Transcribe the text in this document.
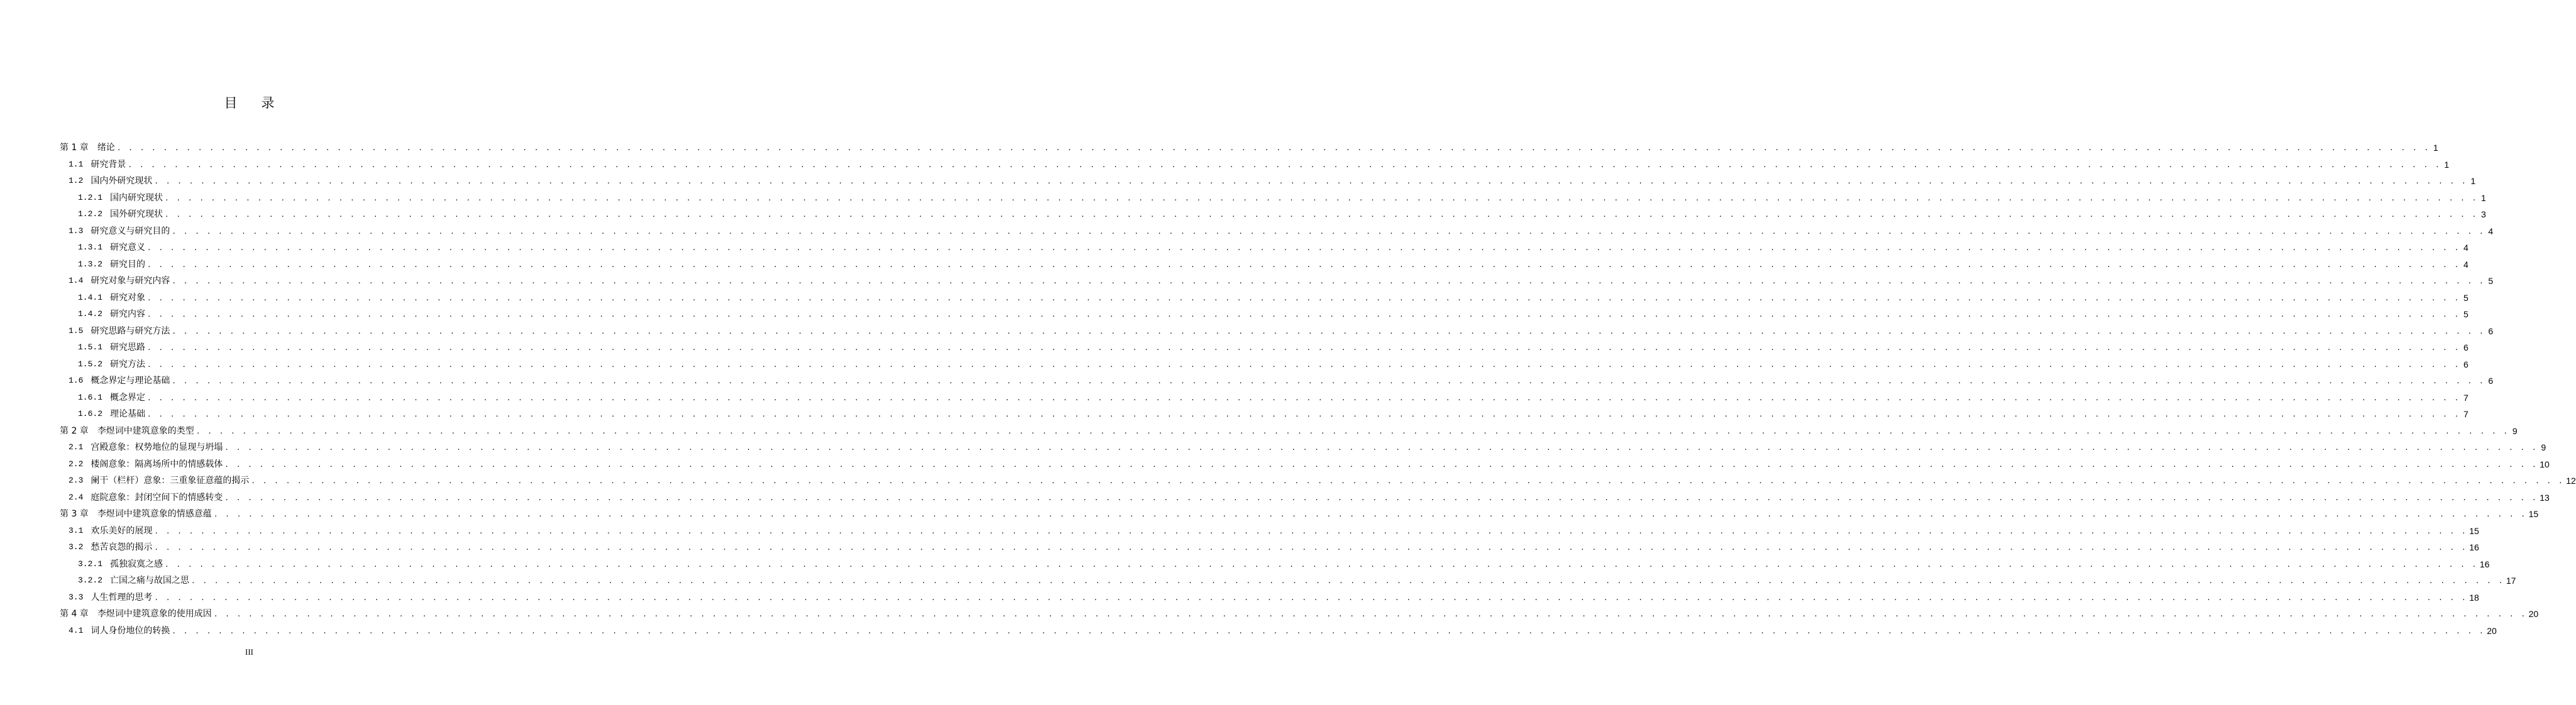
目 录
第 1 章 绪论 . . . . . . . . . . . . . . . . . . . . . . . . . . . . . . . . . . . . . . . . . . . . . . . . . . . . . . . . . . . . . . . . . . . . . . . . . . . . . . . . . . . . . . . . . . . . . . . . . . . . . . . . . . . . . . . . . . . . . . . . . . . . . . . . . . . . . . . . . . . . . . . . . . . . . . . . . . . . . . . . . . . . . . . . . . . . . . . . . . . . . . . . . . . . . . . . . . . . . . . . 1
1.1 研究背景 . . . . . . . . . . . . . . . . . . . . . . . . . . . . . . . . . . . . . . . . . . . . . . . . . . . . . . . . . . . . . . . . . . . . . . . . . . . . . . . . . . . . . . . . . . . . . . . . . . . . . . . . . . . . . . . . . . . . . . . . . . . . . . . . . . . . . . . . . . . . . . . . . . . . . . . . . . . . . . . . . . . . . . . . . . . . . . . . . . . . . . . . . . . . . . . . . . . . . . . . 1
1.2 国内外研究现状 . . . . . . . . . . . . . . . . . . . . . . . . . . . . . . . . . . . . . . . . . . . . . . . . . . . . . . . . . . . . . . . . . . . . . . . . . . . . . . . . . . . . . . . . . . . . . . . . . . . . . . . . . . . . . . . . . . . . . . . . . . . . . . . . . . . . . . . . . . . . . . . . . . . . . . . . . . . . . . . . . . . . . . . . . . . . . . . . . . . . . . . . . . . . . . . . . . . . . . . . 1
1.2.1 国内研究现状 . . . . . . . . . . . . . . . . . . . . . . . . . . . . . . . . . . . . . . . . . . . . . . . . . . . . . . . . . . . . . . . . . . . . . . . . . . . . . . . . . . . . . . . . . . . . . . . . . . . . . . . . . . . . . . . . . . . . . . . . . . . . . . . . . . . . . . . . . . . . . . . . . . . . . . . . . . . . . . . . . . . . . . . . . . . . . . . . . . . . . . . . . . . . . . . . . . . . . . . . 1
1.2.2 国外研究现状 . . . . . . . . . . . . . . . . . . . . . . . . . . . . . . . . . . . . . . . . . . . . . . . . . . . . . . . . . . . . . . . . . . . . . . . . . . . . . . . . . . . . . . . . . . . . . . . . . . . . . . . . . . . . . . . . . . . . . . . . . . . . . . . . . . . . . . . . . . . . . . . . . . . . . . . . . . . . . . . . . . . . . . . . . . . . . . . . . . . . . . . . . . . . . . . . . . . . . . . . 3
1.3 研究意义与研究目的 . . . . . . . . . . . . . . . . . . . . . . . . . . . . . . . . . . . . . . . . . . . . . . . . . . . . . . . . . . . . . . . . . . . . . . . . . . . . . . . . . . . . . . . . . . . . . . . . . . . . . . . . . . . . . . . . . . . . . . . . . . . . . . . . . . . . . . . . . . . . . . . . . . . . . . . . . . . . . . . . . . . . . . . . . . . . . . . . . . . . . . . . . . . . . . . . . . . . . . . . 4
1.3.1 研究意义 . . . . . . . . . . . . . . . . . . . . . . . . . . . . . . . . . . . . . . . . . . . . . . . . . . . . . . . . . . . . . . . . . . . . . . . . . . . . . . . . . . . . . . . . . . . . . . . . . . . . . . . . . . . . . . . . . . . . . . . . . . . . . . . . . . . . . . . . . . . . . . . . . . . . . . . . . . . . . . . . . . . . . . . . . . . . . . . . . . . . . . . . . . . . . . . . . . . . . . . . 4
1.3.2 研究目的 . . . . . . . . . . . . . . . . . . . . . . . . . . . . . . . . . . . . . . . . . . . . . . . . . . . . . . . . . . . . . . . . . . . . . . . . . . . . . . . . . . . . . . . . . . . . . . . . . . . . . . . . . . . . . . . . . . . . . . . . . . . . . . . . . . . . . . . . . . . . . . . . . . . . . . . . . . . . . . . . . . . . . . . . . . . . . . . . . . . . . . . . . . . . . . . . . . . . . . . . 4
1.4 研究对象与研究内容 . . . . . . . . . . . . . . . . . . . . . . . . . . . . . . . . . . . . . . . . . . . . . . . . . . . . . . . . . . . . . . . . . . . . . . . . . . . . . . . . . . . . . . . . . . . . . . . . . . . . . . . . . . . . . . . . . . . . . . . . . . . . . . . . . . . . . . . . . . . . . . . . . . . . . . . . . . . . . . . . . . . . . . . . . . . . . . . . . . . . . . . . . . . . . . . . . . . . . . . . 5
1.4.1 研究对象 . . . . . . . . . . . . . . . . . . . . . . . . . . . . . . . . . . . . . . . . . . . . . . . . . . . . . . . . . . . . . . . . . . . . . . . . . . . . . . . . . . . . . . . . . . . . . . . . . . . . . . . . . . . . . . . . . . . . . . . . . . . . . . . . . . . . . . . . . . . . . . . . . . . . . . . . . . . . . . . . . . . . . . . . . . . . . . . . . . . . . . . . . . . . . . . . . . . . . . . . 5
1.4.2 研究内容 . . . . . . . . . . . . . . . . . . . . . . . . . . . . . . . . . . . . . . . . . . . . . . . . . . . . . . . . . . . . . . . . . . . . . . . . . . . . . . . . . . . . . . . . . . . . . . . . . . . . . . . . . . . . . . . . . . . . . . . . . . . . . . . . . . . . . . . . . . . . . . . . . . . . . . . . . . . . . . . . . . . . . . . . . . . . . . . . . . . . . . . . . . . . . . . . . . . . . . . . 5
1.5 研究思路与研究方法 . . . . . . . . . . . . . . . . . . . . . . . . . . . . . . . . . . . . . . . . . . . . . . . . . . . . . . . . . . . . . . . . . . . . . . . . . . . . . . . . . . . . . . . . . . . . . . . . . . . . . . . . . . . . . . . . . . . . . . . . . . . . . . . . . . . . . . . . . . . . . . . . . . . . . . . . . . . . . . . . . . . . . . . . . . . . . . . . . . . . . . . . . . . . . . . . . . . . . . . . 6
1.5.1 研究思路 . . . . . . . . . . . . . . . . . . . . . . . . . . . . . . . . . . . . . . . . . . . . . . . . . . . . . . . . . . . . . . . . . . . . . . . . . . . . . . . . . . . . . . . . . . . . . . . . . . . . . . . . . . . . . . . . . . . . . . . . . . . . . . . . . . . . . . . . . . . . . . . . . . . . . . . . . . . . . . . . . . . . . . . . . . . . . . . . . . . . . . . . . . . . . . . . . . . . . . . . 6
1.5.2 研究方法 . . . . . . . . . . . . . . . . . . . . . . . . . . . . . . . . . . . . . . . . . . . . . . . . . . . . . . . . . . . . . . . . . . . . . . . . . . . . . . . . . . . . . . . . . . . . . . . . . . . . . . . . . . . . . . . . . . . . . . . . . . . . . . . . . . . . . . . . . . . . . . . . . . . . . . . . . . . . . . . . . . . . . . . . . . . . . . . . . . . . . . . . . . . . . . . . . . . . . . . . 6
1.6 概念界定与理论基础 . . . . . . . . . . . . . . . . . . . . . . . . . . . . . . . . . . . . . . . . . . . . . . . . . . . . . . . . . . . . . . . . . . . . . . . . . . . . . . . . . . . . . . . . . . . . . . . . . . . . . . . . . . . . . . . . . . . . . . . . . . . . . . . . . . . . . . . . . . . . . . . . . . . . . . . . . . . . . . . . . . . . . . . . . . . . . . . . . . . . . . . . . . . . . . . . . . . . . . . . 6
1.6.1 概念界定 . . . . . . . . . . . . . . . . . . . . . . . . . . . . . . . . . . . . . . . . . . . . . . . . . . . . . . . . . . . . . . . . . . . . . . . . . . . . . . . . . . . . . . . . . . . . . . . . . . . . . . . . . . . . . . . . . . . . . . . . . . . . . . . . . . . . . . . . . . . . . . . . . . . . . . . . . . . . . . . . . . . . . . . . . . . . . . . . . . . . . . . . . . . . . . . . . . . . . . . . 7
1.6.2 理论基础 . . . . . . . . . . . . . . . . . . . . . . . . . . . . . . . . . . . . . . . . . . . . . . . . . . . . . . . . . . . . . . . . . . . . . . . . . . . . . . . . . . . . . . . . . . . . . . . . . . . . . . . . . . . . . . . . . . . . . . . . . . . . . . . . . . . . . . . . . . . . . . . . . . . . . . . . . . . . . . . . . . . . . . . . . . . . . . . . . . . . . . . . . . . . . . . . . . . . . . . . 7
第 2 章 李煜词中建筑意象的类型 . . . . . . . . . . . . . . . . . . . . . . . . . . . . . . . . . . . . . . . . . . . . . . . . . . . . . . . . . . . . . . . . . . . . . . . . . . . . . . . . . . . . . . . . . . . . . . . . . . . . . . . . . . . . . . . . . . . . . . . . . . . . . . . . . . . . . . . . . . . . . . . . . . . . . . . . . . . . . . . . . . . . . . . . . . . . . . . . . . . . . . . . . . . . . . . . . . . . . . . . 9
2.1 宫殿意象：权势地位的显现与坍塌 . . . . . . . . . . . . . . . . . . . . . . . . . . . . . . . . . . . . . . . . . . . . . . . . . . . . . . . . . . . . . . . . . . . . . . . . . . . . . . . . . . . . . . . . . . . . . . . . . . . . . . . . . . . . . . . . . . . . . . . . . . . . . . . . . . . . . . . . . . . . . . . . . . . . . . . . . . . . . . . . . . . . . . . . . . . . . . . . . . . . . . . . . . . . . . . . . . . . . . . . 9
2.2 楼阁意象：隔离场所中的情感载体 . . . . . . . . . . . . . . . . . . . . . . . . . . . . . . . . . . . . . . . . . . . . . . . . . . . . . . . . . . . . . . . . . . . . . . . . . . . . . . . . . . . . . . . . . . . . . . . . . . . . . . . . . . . . . . . . . . . . . . . . . . . . . . . . . . . . . . . . . . . . . . . . . . . . . . . . . . . . . . . . . . . . . . . . . . . . . . . . . . . . . . . . . . . . . . . . . . . . . . . . 10
2.3 阑干（栏杆）意象：三重象征意蕴的揭示 . . . . . . . . . . . . . . . . . . . . . . . . . . . . . . . . . . . . . . . . . . . . . . . . . . . . . . . . . . . . . . . . . . . . . . . . . . . . . . . . . . . . . . . . . . . . . . . . . . . . . . . . . . . . . . . . . . . . . . . . . . . . . . . . . . . . . . . . . . . . . . . . . . . . . . . . . . . . . . . . . . . . . . . . . . . . . . . . . . . . . . . . . . . . . . . . . . . . . . . . 12
2.4 庭院意象：封闭空间下的情感转变 . . . . . . . . . . . . . . . . . . . . . . . . . . . . . . . . . . . . . . . . . . . . . . . . . . . . . . . . . . . . . . . . . . . . . . . . . . . . . . . . . . . . . . . . . . . . . . . . . . . . . . . . . . . . . . . . . . . . . . . . . . . . . . . . . . . . . . . . . . . . . . . . . . . . . . . . . . . . . . . . . . . . . . . . . . . . . . . . . . . . . . . . . . . . . . . . . . . . . . . . 13
第 3 章 李煜词中建筑意象的情感意蕴 . . . . . . . . . . . . . . . . . . . . . . . . . . . . . . . . . . . . . . . . . . . . . . . . . . . . . . . . . . . . . . . . . . . . . . . . . . . . . . . . . . . . . . . . . . . . . . . . . . . . . . . . . . . . . . . . . . . . . . . . . . . . . . . . . . . . . . . . . . . . . . . . . . . . . . . . . . . . . . . . . . . . . . . . . . . . . . . . . . . . . . . . . . . . . . . . . . . . . . . . 15
3.1 欢乐美好的展现 . . . . . . . . . . . . . . . . . . . . . . . . . . . . . . . . . . . . . . . . . . . . . . . . . . . . . . . . . . . . . . . . . . . . . . . . . . . . . . . . . . . . . . . . . . . . . . . . . . . . . . . . . . . . . . . . . . . . . . . . . . . . . . . . . . . . . . . . . . . . . . . . . . . . . . . . . . . . . . . . . . . . . . . . . . . . . . . . . . . . . . . . . . . . . . . . . . . . . . . . 15
3.2 愁苦哀怨的揭示 . . . . . . . . . . . . . . . . . . . . . . . . . . . . . . . . . . . . . . . . . . . . . . . . . . . . . . . . . . . . . . . . . . . . . . . . . . . . . . . . . . . . . . . . . . . . . . . . . . . . . . . . . . . . . . . . . . . . . . . . . . . . . . . . . . . . . . . . . . . . . . . . . . . . . . . . . . . . . . . . . . . . . . . . . . . . . . . . . . . . . . . . . . . . . . . . . . . . . . . . 16
3.2.1 孤独寂寞之感 . . . . . . . . . . . . . . . . . . . . . . . . . . . . . . . . . . . . . . . . . . . . . . . . . . . . . . . . . . . . . . . . . . . . . . . . . . . . . . . . . . . . . . . . . . . . . . . . . . . . . . . . . . . . . . . . . . . . . . . . . . . . . . . . . . . . . . . . . . . . . . . . . . . . . . . . . . . . . . . . . . . . . . . . . . . . . . . . . . . . . . . . . . . . . . . . . . . . . . . . 16
3.2.2 亡国之痛与故国之思 . . . . . . . . . . . . . . . . . . . . . . . . . . . . . . . . . . . . . . . . . . . . . . . . . . . . . . . . . . . . . . . . . . . . . . . . . . . . . . . . . . . . . . . . . . . . . . . . . . . . . . . . . . . . . . . . . . . . . . . . . . . . . . . . . . . . . . . . . . . . . . . . . . . . . . . . . . . . . . . . . . . . . . . . . . . . . . . . . . . . . . . . . . . . . . . . . . . . . . . . 17
3.3 人生哲理的思考 . . . . . . . . . . . . . . . . . . . . . . . . . . . . . . . . . . . . . . . . . . . . . . . . . . . . . . . . . . . . . . . . . . . . . . . . . . . . . . . . . . . . . . . . . . . . . . . . . . . . . . . . . . . . . . . . . . . . . . . . . . . . . . . . . . . . . . . . . . . . . . . . . . . . . . . . . . . . . . . . . . . . . . . . . . . . . . . . . . . . . . . . . . . . . . . . . . . . . . . . 18
第 4 章 李煜词中建筑意象的使用成因 . . . . . . . . . . . . . . . . . . . . . . . . . . . . . . . . . . . . . . . . . . . . . . . . . . . . . . . . . . . . . . . . . . . . . . . . . . . . . . . . . . . . . . . . . . . . . . . . . . . . . . . . . . . . . . . . . . . . . . . . . . . . . . . . . . . . . . . . . . . . . . . . . . . . . . . . . . . . . . . . . . . . . . . . . . . . . . . . . . . . . . . . . . . . . . . . . . . . . . . . 20
4.1 词人身份地位的转换 . . . . . . . . . . . . . . . . . . . . . . . . . . . . . . . . . . . . . . . . . . . . . . . . . . . . . . . . . . . . . . . . . . . . . . . . . . . . . . . . . . . . . . . . . . . . . . . . . . . . . . . . . . . . . . . . . . . . . . . . . . . . . . . . . . . . . . . . . . . . . . . . . . . . . . . . . . . . . . . . . . . . . . . . . . . . . . . . . . . . . . . . . . . . . . . . . . . . . . . . 20
III
